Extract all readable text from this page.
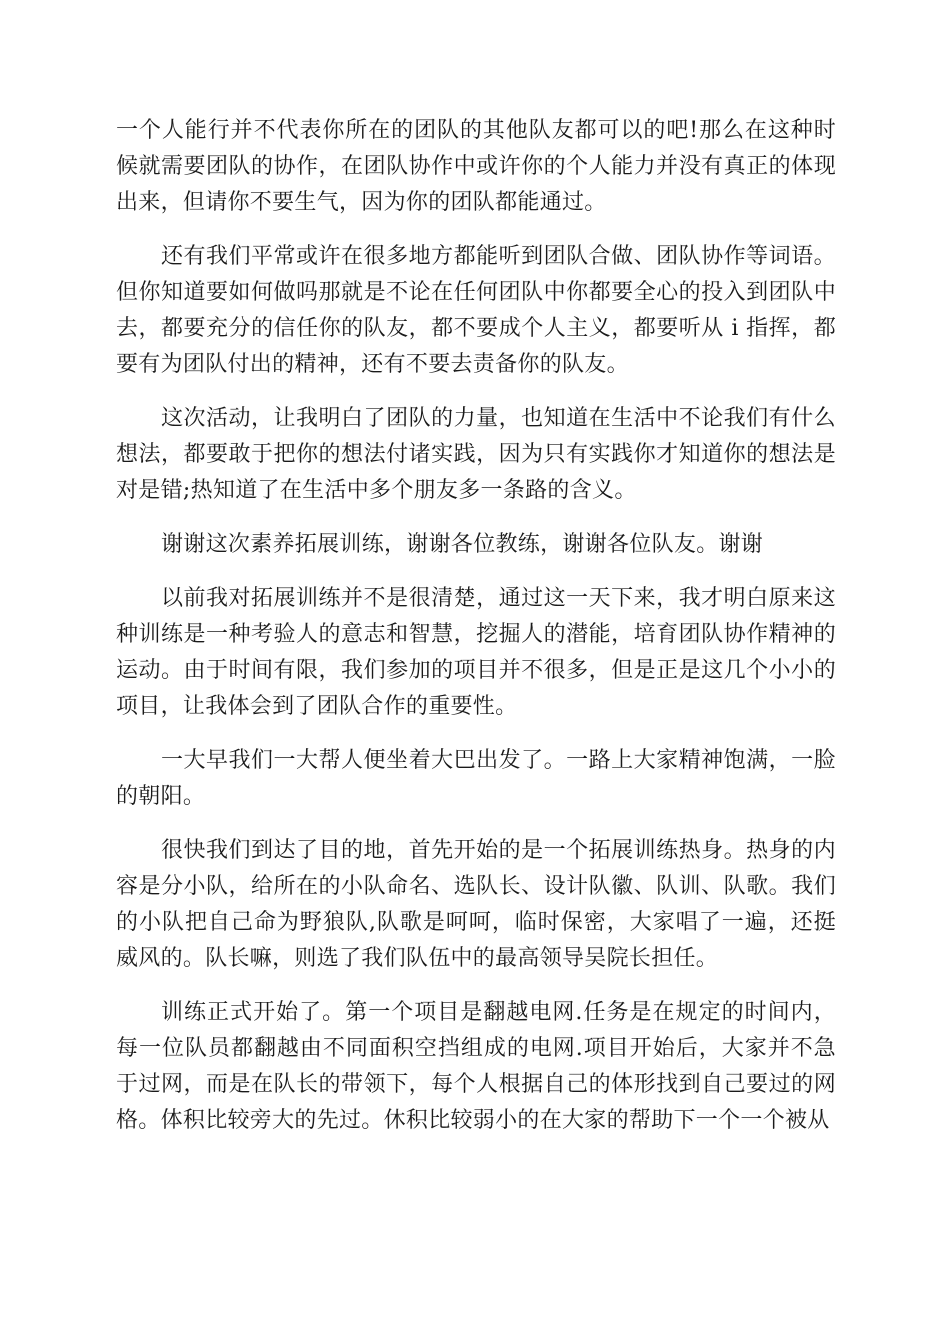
一个人能行并不代表你所在的团队的其他队友都可以的吧!那么在这种时候就需要团队的协作，在团队协作中或许你的个人能力并没有真正的体现出来，但请你不要生气，因为你的团队都能通过。

还有我们平常或许在很多地方都能听到团队合做、团队协作等词语。但你知道要如何做吗那就是不论在任何团队中你都要全心的投入到团队中去，都要充分的信任你的队友，都不要成个人主义，都要听从 i 指挥，都要有为团队付出的精神，还有不要去责备你的队友。

这次活动，让我明白了团队的力量，也知道在生活中不论我们有什么想法，都要敢于把你的想法付诸实践，因为只有实践你才知道你的想法是对是错;热知道了在生活中多个朋友多一条路的含义。

谢谢这次素养拓展训练，谢谢各位教练，谢谢各位队友。谢谢

以前我对拓展训练并不是很清楚，通过这一天下来，我才明白原来这种训练是一种考验人的意志和智慧，挖掘人的潜能，培育团队协作精神的运动。由于时间有限，我们参加的项目并不很多，但是正是这几个小小的项目，让我体会到了团队合作的重要性。

一大早我们一大帮人便坐着大巴出发了。一路上大家精神饱满，一脸的朝阳。

很快我们到达了目的地，首先开始的是一个拓展训练热身。热身的内容是分小队，给所在的小队命名、选队长、设计队徽、队训、队歌。我们的小队把自己命为野狼队,队歌是呵呵，临时保密，大家唱了一遍，还挺威风的。队长嘛，则选了我们队伍中的最高领导吴院长担任。

训练正式开始了。第一个项目是翻越电网.任务是在规定的时间内，每一位队员都翻越由不同面积空挡组成的电网.项目开始后，大家并不急于过网，而是在队长的带领下，每个人根据自己的体形找到自己要过的网格。体积比较旁大的先过。休积比较弱小的在大家的帮助下一个一个被从
